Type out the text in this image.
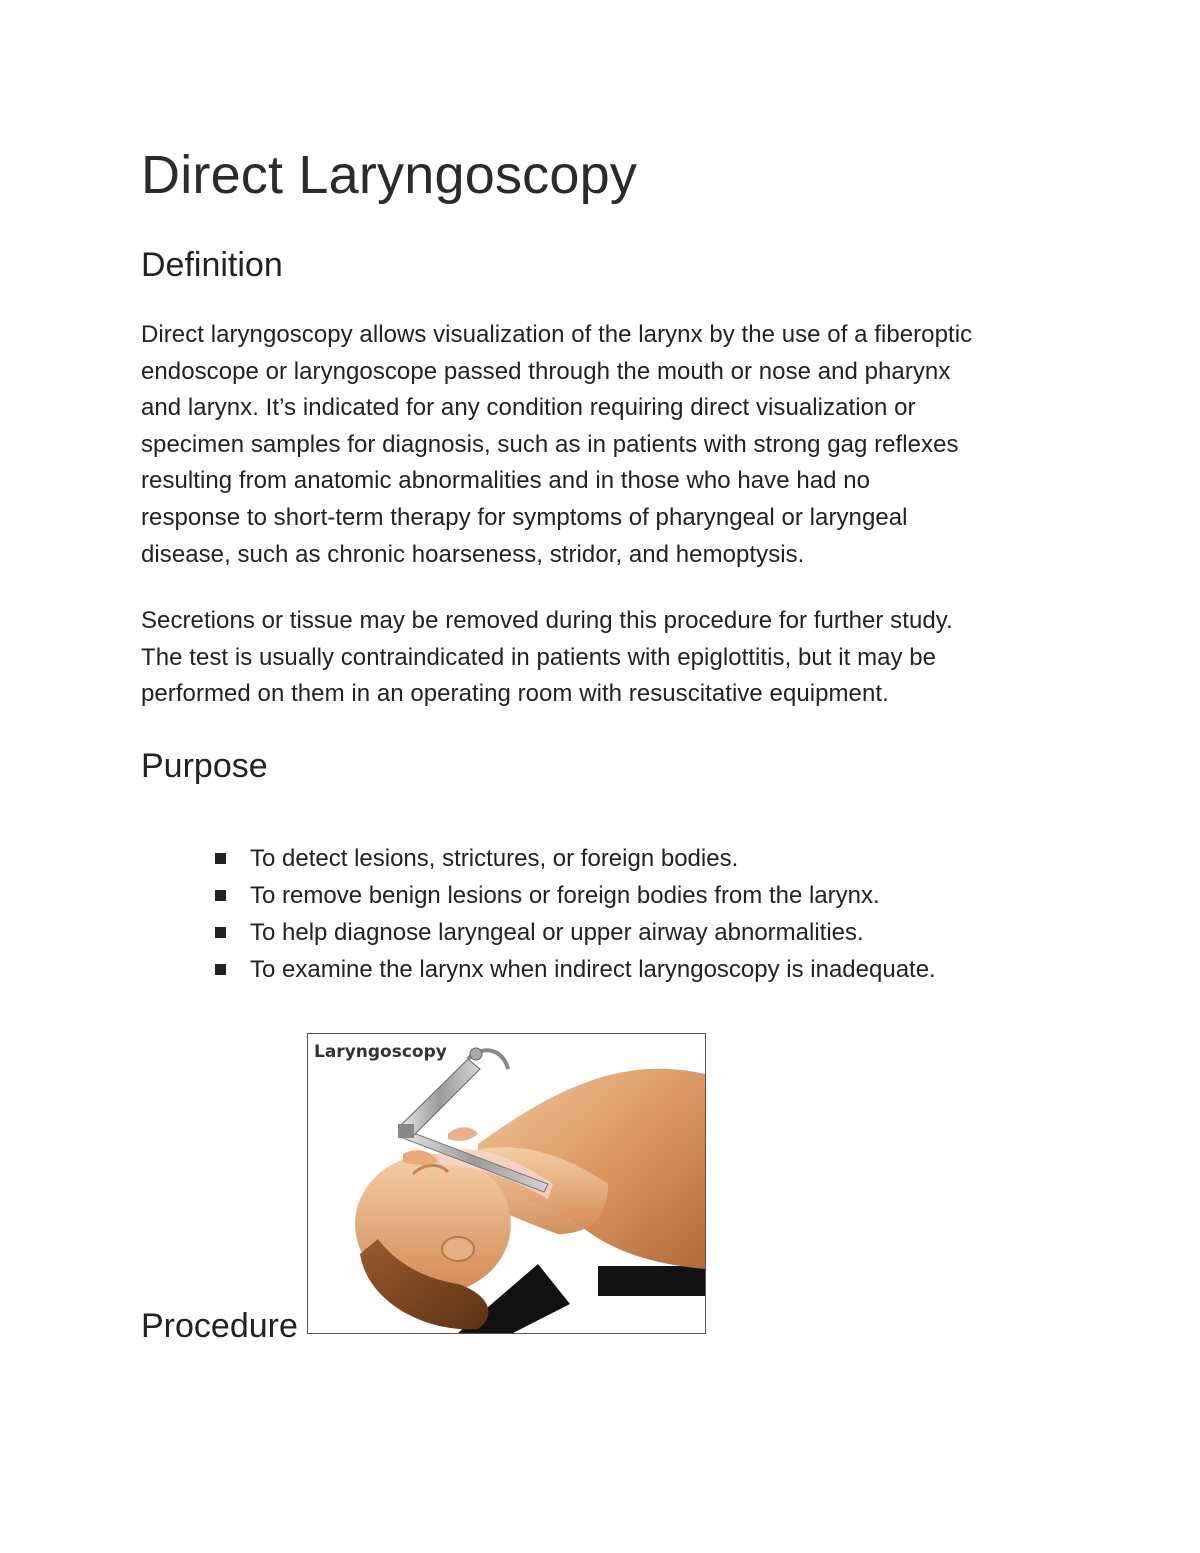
Direct Laryngoscopy
Definition

Direct laryngoscopy allows visualization of the larynx by the use of a fiberoptic
endoscope or laryngoscope passed through the mouth or nose and pharynx
and larynx. It’s indicated for any condition requiring direct visualization or
specimen samples for diagnosis, such as in patients with strong gag reflexes
resulting from anatomic abnormalities and in those who have had no
response to short-term therapy for symptoms of pharyngeal or laryngeal
disease, such as chronic hoarseness, stridor, and hemoptysis.

Secretions or tissue may be removed during this procedure for further study.
The test is usually contraindicated in patients with epiglottitis, but it may be
performed on them in an operating room with resuscitative equipment.

Purpose
To detect lesions, strictures, or foreign bodies.
To remove benign lesions or foreign bodies from the larynx.
To help diagnose laryngeal or upper airway abnormalities.
To examine the larynx when indirect laryngoscopy is inadequate.
Procedure
Laryngoscopy
